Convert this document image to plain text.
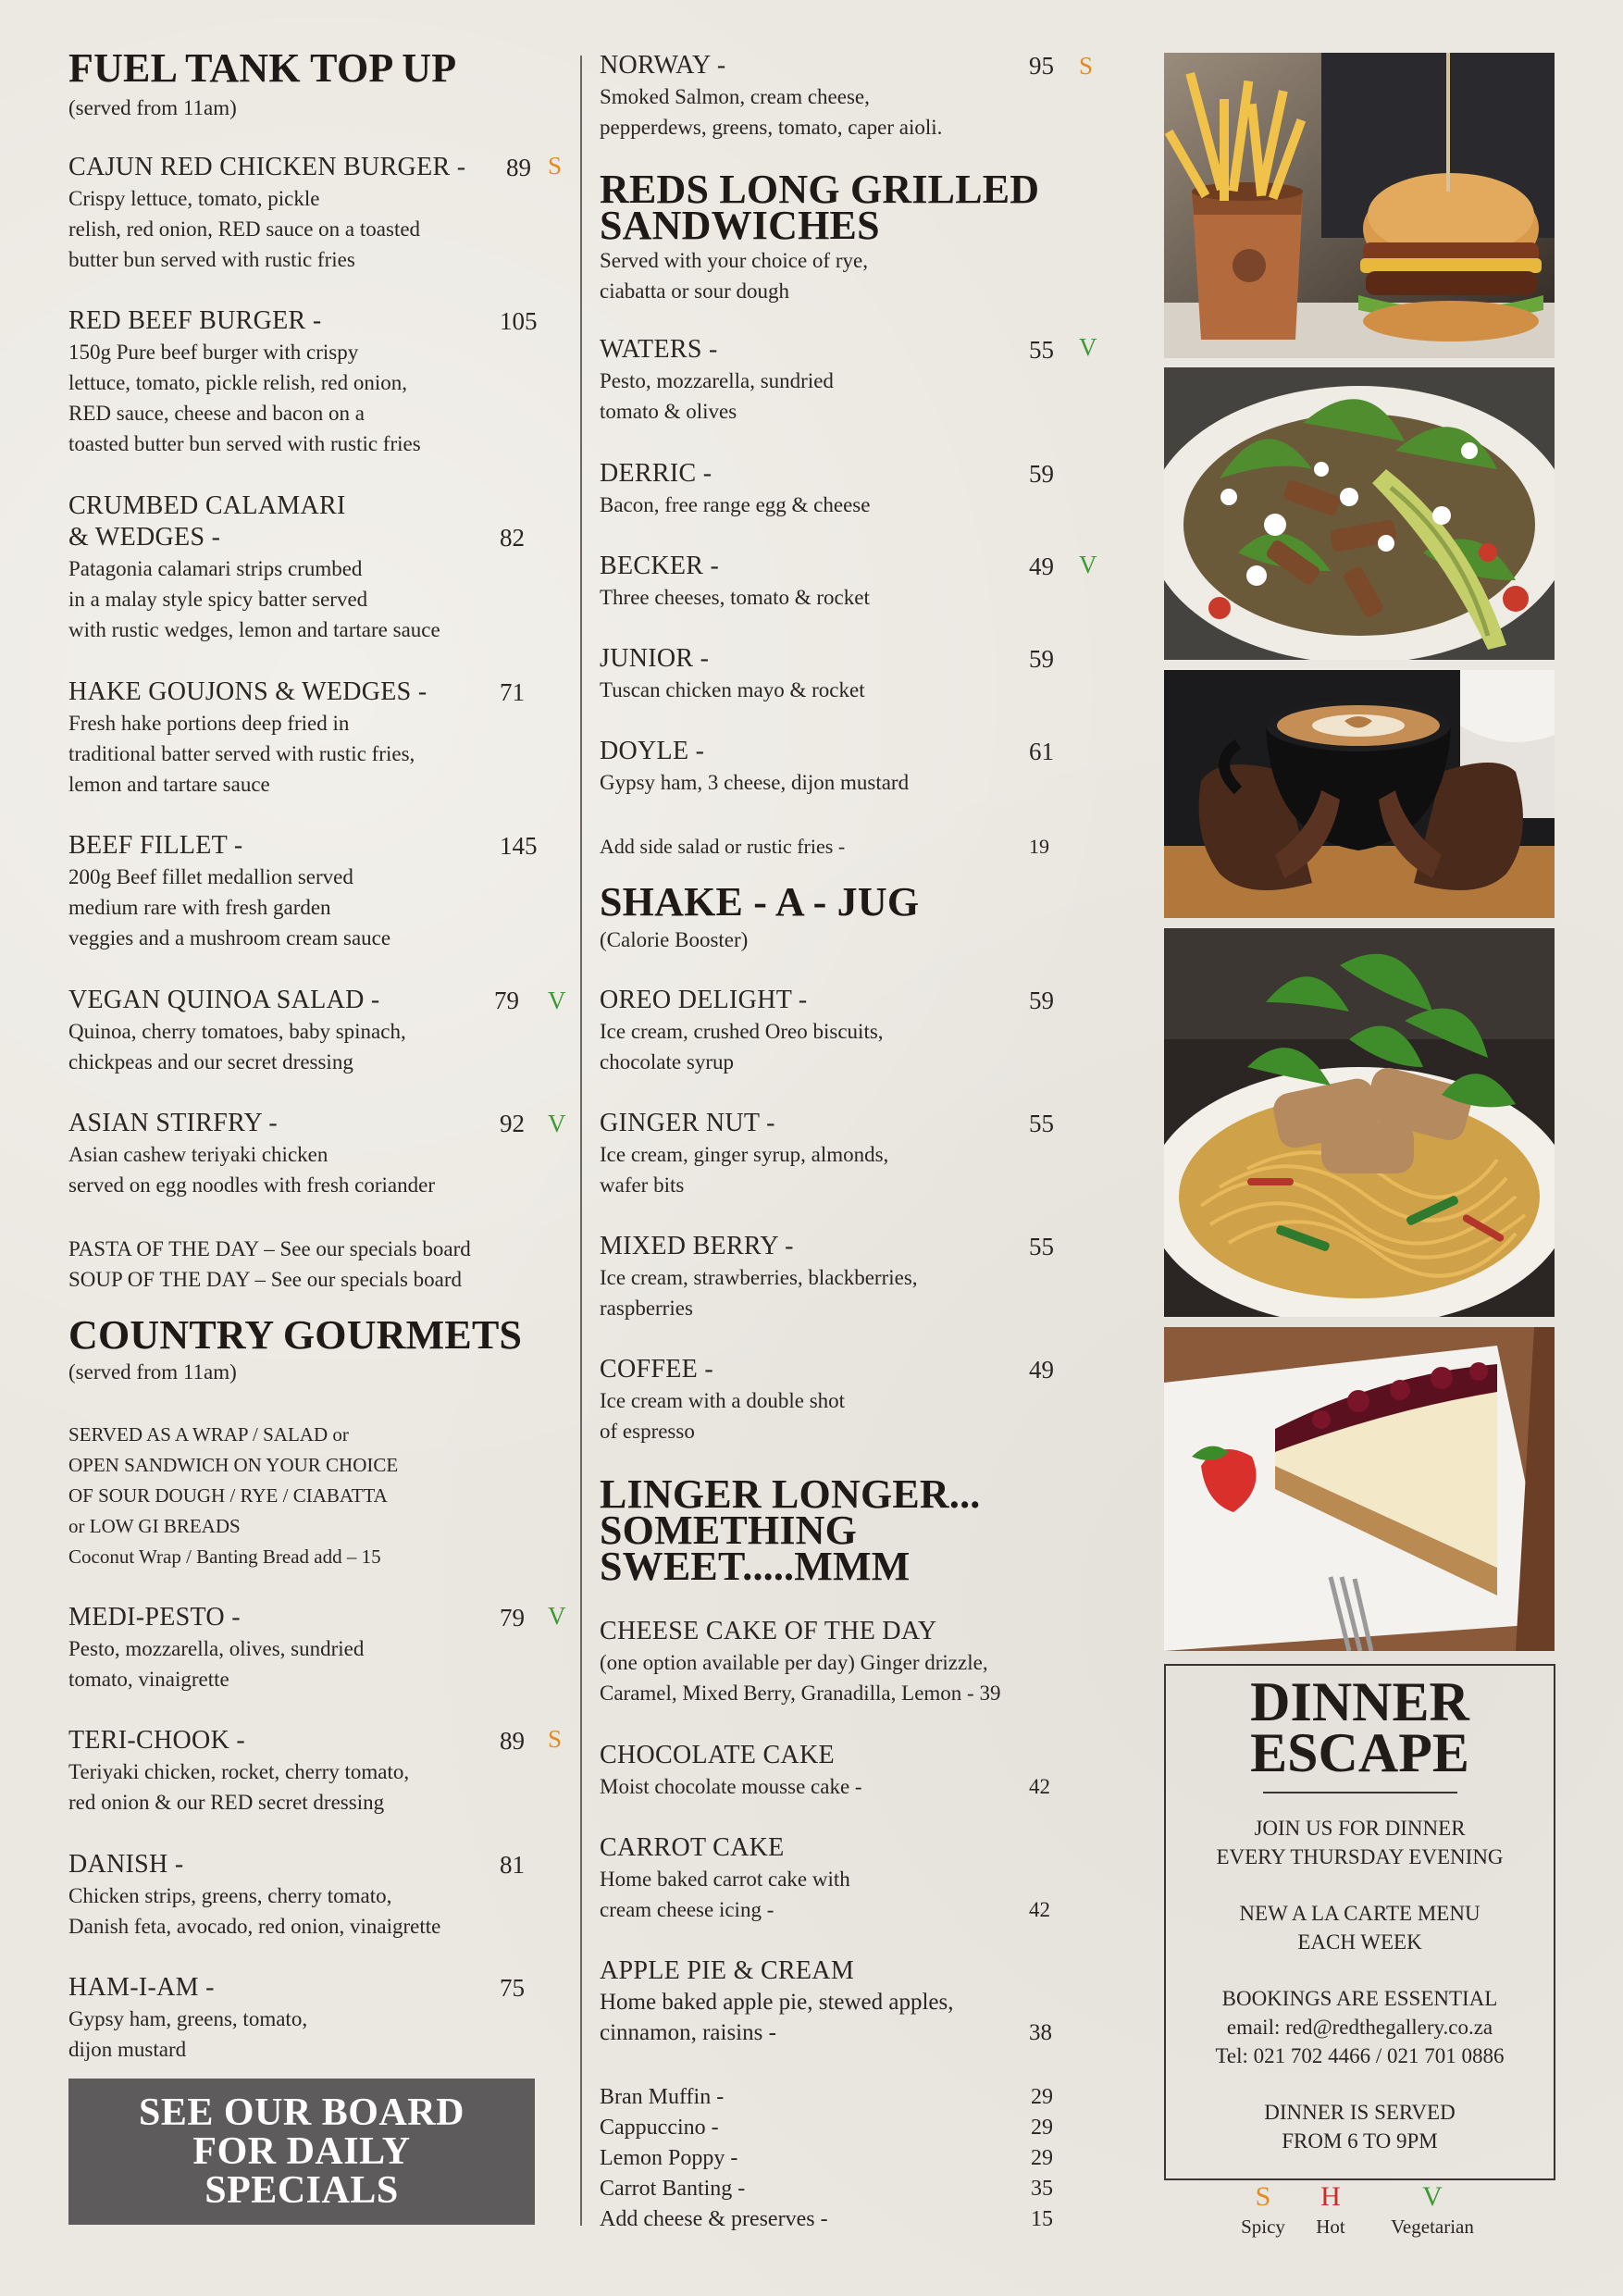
FUEL TANK TOP UP
(served from 11am)
CAJUN RED CHICKEN BURGER -	89 S
Crispy lettuce, tomato, pickle
relish, red onion, RED sauce on a toasted
butter bun served with rustic fries
RED BEEF BURGER -	105
150g Pure beef burger with crispy
lettuce, tomato, pickle relish, red onion,
RED sauce, cheese and bacon on a
toasted butter bun served with rustic fries
CRUMBED CALAMARI
& WEDGES -	82
Patagonia calamari strips crumbed
in a malay style spicy batter served
with rustic wedges, lemon and tartare sauce
HAKE GOUJONS & WEDGES -	71
Fresh hake portions deep fried in
traditional batter served with rustic fries,
lemon and tartare sauce
BEEF FILLET -	145
200g Beef fillet medallion served
medium rare with fresh garden
veggies and a mushroom cream sauce
VEGAN QUINOA SALAD -	79 V
Quinoa, cherry tomatoes, baby spinach,
chickpeas and our secret dressing
ASIAN STIRFRY -	92 V
Asian cashew teriyaki chicken
served on egg noodles with fresh coriander
PASTA OF THE DAY – See our specials board
SOUP OF THE DAY – See our specials board
COUNTRY GOURMETS
(served from 11am)
SERVED AS A WRAP / SALAD or
OPEN SANDWICH ON YOUR CHOICE
OF SOUR DOUGH / RYE / CIABATTA
or LOW GI BREADS
Coconut Wrap / Banting Bread add – 15
MEDI-PESTO -	79 V
Pesto, mozzarella, olives, sundried
tomato, vinaigrette
TERI-CHOOK -	89 S
Teriyaki chicken, rocket, cherry tomato,
red onion & our RED secret dressing
DANISH -	81
Chicken strips, greens, cherry tomato,
Danish feta, avocado, red onion, vinaigrette
HAM-I-AM -	75
Gypsy ham, greens, tomato,
dijon mustard
SEE OUR BOARD
FOR DAILY
SPECIALS
NORWAY -	95 S
Smoked Salmon, cream cheese,
pepperdews, greens, tomato, caper aioli.
REDS LONG GRILLED
SANDWICHES
Served with your choice of rye,
ciabatta or sour dough
WATERS -	55 V
Pesto, mozzarella, sundried
tomato & olives
DERRIC -	59
Bacon, free range egg & cheese
BECKER -	49 V
Three cheeses, tomato & rocket
JUNIOR -	59
Tuscan chicken mayo & rocket
DOYLE -	61
Gypsy ham, 3 cheese, dijon mustard
Add side salad or rustic fries -	19
SHAKE - A - JUG
(Calorie Booster)
OREO DELIGHT -	59
Ice cream, crushed Oreo biscuits,
chocolate syrup
GINGER NUT -	55
Ice cream, ginger syrup, almonds,
wafer bits
MIXED BERRY -	55
Ice cream, strawberries, blackberries,
raspberries
COFFEE -	49
Ice cream with a double shot
of espresso
LINGER LONGER...
SOMETHING
SWEET.....MMM
CHEESE CAKE OF THE DAY
(one option available per day) Ginger drizzle,
Caramel, Mixed Berry, Granadilla, Lemon - 39
CHOCOLATE CAKE
Moist chocolate mousse cake -	42
CARROT CAKE
Home baked carrot cake with
cream cheese icing -	42
APPLE PIE & CREAM
Home baked apple pie, stewed apples,
cinnamon, raisins -	38
Bran Muffin -	29
Cappuccino -	29
Lemon Poppy -	29
Carrot Banting -	35
Add cheese & preserves -	15
DINNER
ESCAPE

JOIN US FOR DINNER
EVERY THURSDAY EVENING

NEW A LA CARTE MENU
EACH WEEK

BOOKINGS ARE ESSENTIAL
email: red@redthegallery.co.za
Tel: 021 702 4466 / 021 701 0886

DINNER IS SERVED
FROM 6 TO 9PM

S
Spicy
H
Hot
V
Vegetarian
